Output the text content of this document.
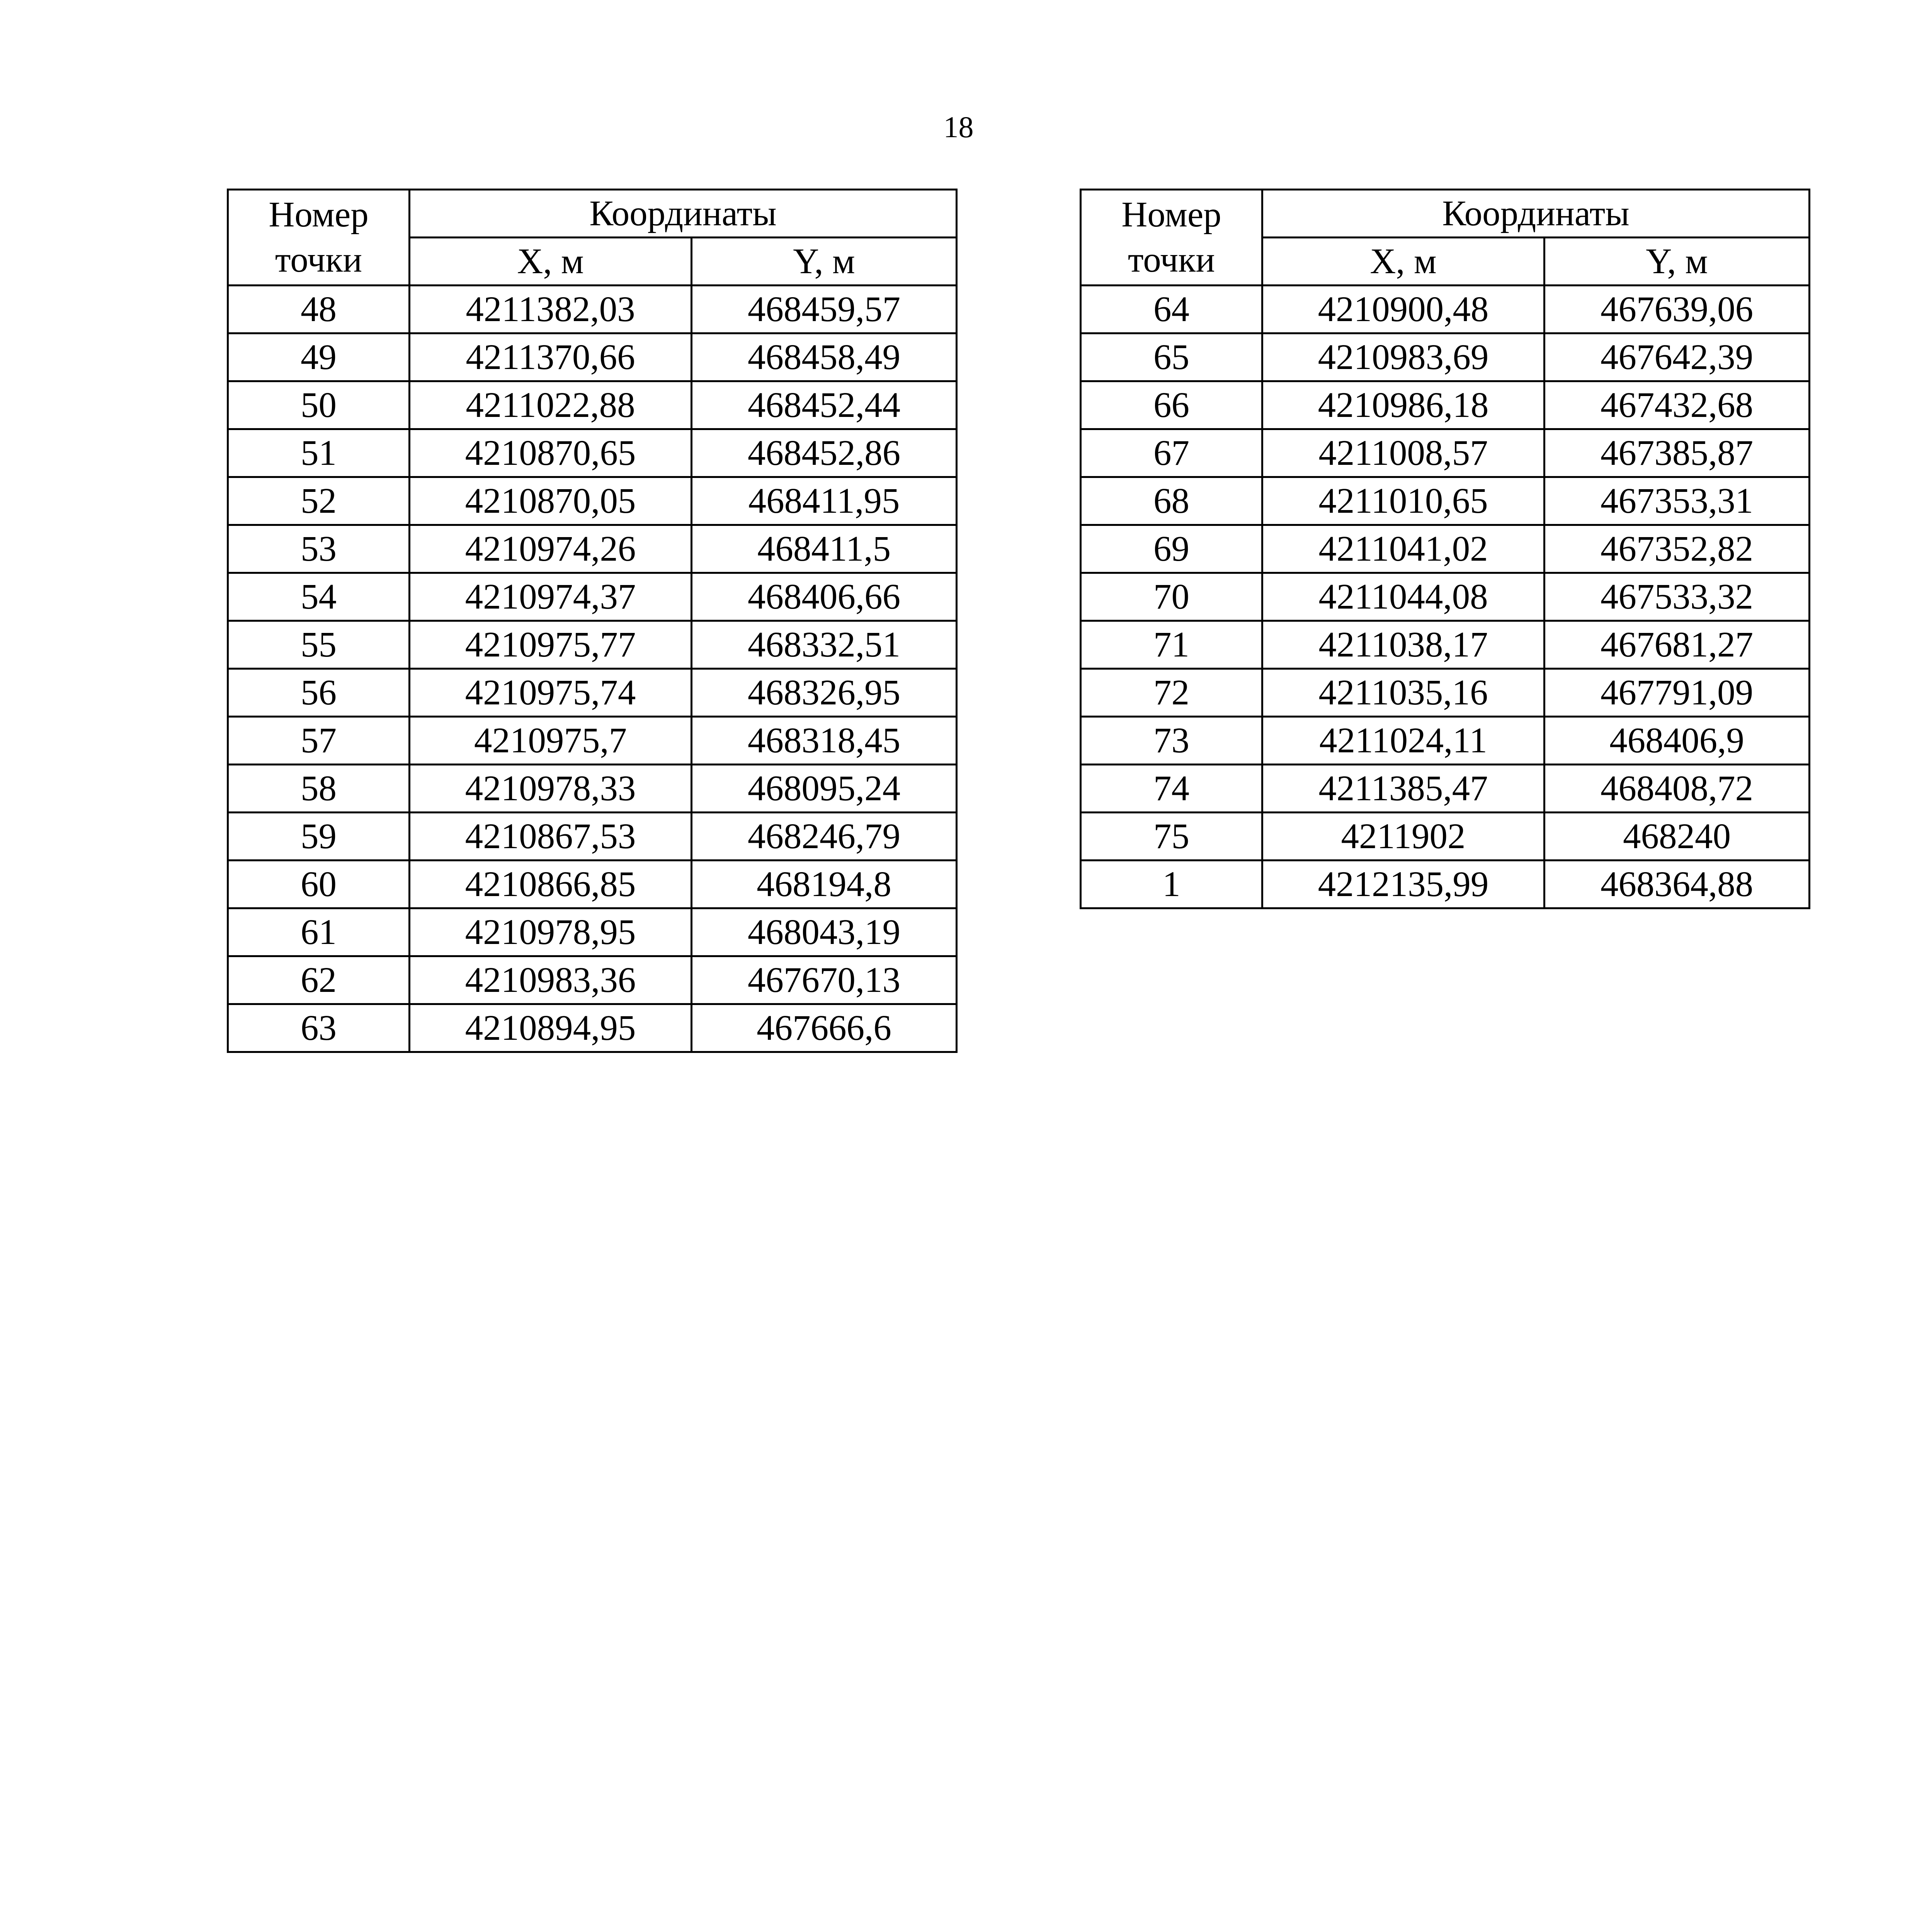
18
Номер точки	Координаты	
	X, м	Y, м
48	4211382,03	468459,57
49	4211370,66	468458,49
50	4211022,88	468452,44
51	4210870,65	468452,86
52	4210870,05	468411,95
53	4210974,26	468411,5
54	4210974,37	468406,66
55	4210975,77	468332,51
56	4210975,74	468326,95
57	4210975,7	468318,45
58	4210978,33	468095,24
59	4210867,53	468246,79
60	4210866,85	468194,8
61	4210978,95	468043,19
62	4210983,36	467670,13
63	4210894,95	467666,6
Номер точки	Координаты	
	X, м	Y, м
64	4210900,48	467639,06
65	4210983,69	467642,39
66	4210986,18	467432,68
67	4211008,57	467385,87
68	4211010,65	467353,31
69	4211041,02	467352,82
70	4211044,08	467533,32
71	4211038,17	467681,27
72	4211035,16	467791,09
73	4211024,11	468406,9
74	4211385,47	468408,72
75	4211902	468240
1	4212135,99	468364,88
